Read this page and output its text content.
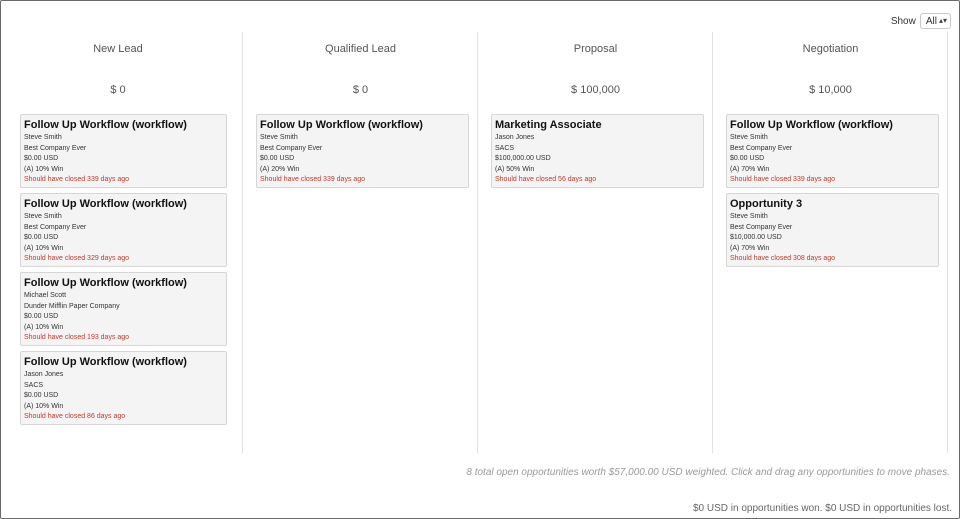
Show All ▴▾
New Lead
$ 0
Follow Up Workflow (workflow)
Steve Smith
Best Company Ever
$0.00 USD
(A) 10% Win
Should have closed 339 days ago
Follow Up Workflow (workflow)
Steve Smith
Best Company Ever
$0.00 USD
(A) 10% Win
Should have closed 329 days ago
Follow Up Workflow (workflow)
Michael Scott
Dunder Mifflin Paper Company
$0.00 USD
(A) 10% Win
Should have closed 193 days ago
Follow Up Workflow (workflow)
Jason Jones
SACS
$0.00 USD
(A) 10% Win
Should have closed 86 days ago
Qualified Lead
$ 0
Follow Up Workflow (workflow)
Steve Smith
Best Company Ever
$0.00 USD
(A) 20% Win
Should have closed 339 days ago
Proposal
$ 100,000
Marketing Associate
Jason Jones
SACS
$100,000.00 USD
(A) 50% Win
Should have closed 56 days ago
Negotiation
$ 10,000
Follow Up Workflow (workflow)
Steve Smith
Best Company Ever
$0.00 USD
(A) 70% Win
Should have closed 339 days ago
Opportunity 3
Steve Smith
Best Company Ever
$10,000.00 USD
(A) 70% Win
Should have closed 308 days ago
8 total open opportunities worth $57,000.00 USD weighted. Click and drag any opportunities to move phases.
$0 USD in opportunities won. $0 USD in opportunities lost.
